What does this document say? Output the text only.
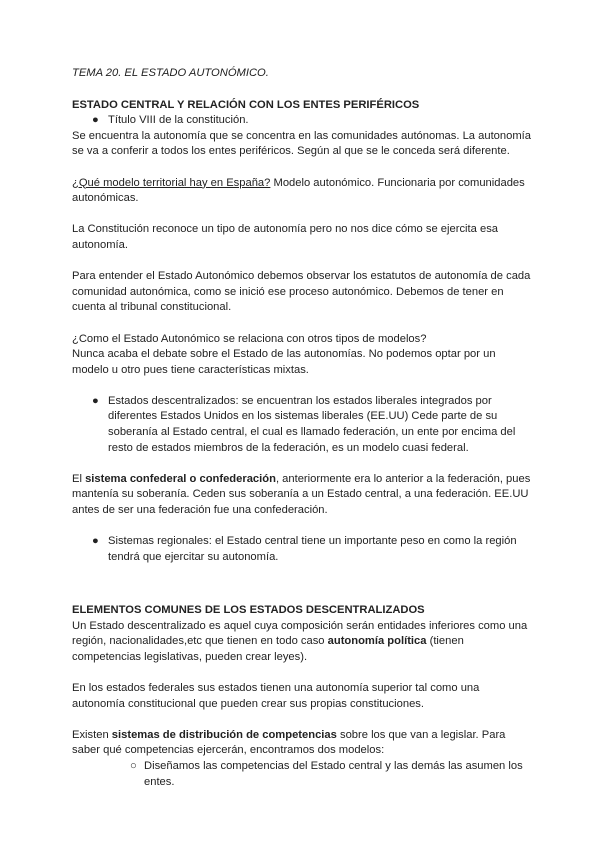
TEMA 20. EL ESTADO AUTONÓMICO.

ESTADO CENTRAL Y RELACIÓN CON LOS ENTES PERIFÉRICOS

● Título VIII de la constitución.

Se encuentra la autonomía que se concentra en las comunidades autónomas. La autonomía se va a conferir a todos los entes periféricos. Según al que se le conceda será diferente.

¿Qué modelo territorial hay en España? Modelo autonómico. Funcionaria por comunidades autonómicas.

La Constitución reconoce un tipo de autonomía pero no nos dice cómo se ejercita esa autonomía.

Para entender el Estado Autonómico debemos observar los estatutos de autonomía de cada comunidad autonómica, como se inició ese proceso autonómico. Debemos de tener en cuenta al tribunal constitucional.

¿Como el Estado Autonómico se relaciona con otros tipos de modelos?

Nunca acaba el debate sobre el Estado de las autonomías. No podemos optar por un modelo u otro pues tiene características mixtas.

● Estados descentralizados: se encuentran los estados liberales integrados por diferentes Estados Unidos en los sistemas liberales (EE.UU) Cede parte de su soberanía al Estado central, el cual es llamado federación, un ente por encima del resto de estados miembros de la federación, es un modelo cuasi federal.

El sistema confederal o confederación, anteriormente era lo anterior a la federación, pues mantenía su soberanía. Ceden sus soberanía a un Estado central, a una federación. EE.UU antes de ser una federación fue una confederación.

● Sistemas regionales: el Estado central tiene un importante peso en como la región tendrá que ejercitar su autonomía.

ELEMENTOS COMUNES DE LOS ESTADOS DESCENTRALIZADOS

Un Estado descentralizado es aquel cuya composición serán entidades inferiores como una región, nacionalidades,etc que tienen en todo caso autonomía política (tienen competencias legislativas, pueden crear leyes).

En los estados federales sus estados tienen una autonomía superior tal como una autonomía constitucional que pueden crear sus propias constituciones.

Existen sistemas de distribución de competencias sobre los que van a legislar. Para saber qué competencias ejercerán, encontramos dos modelos:

○ Diseñamos las competencias del Estado central y las demás las asumen los entes.
